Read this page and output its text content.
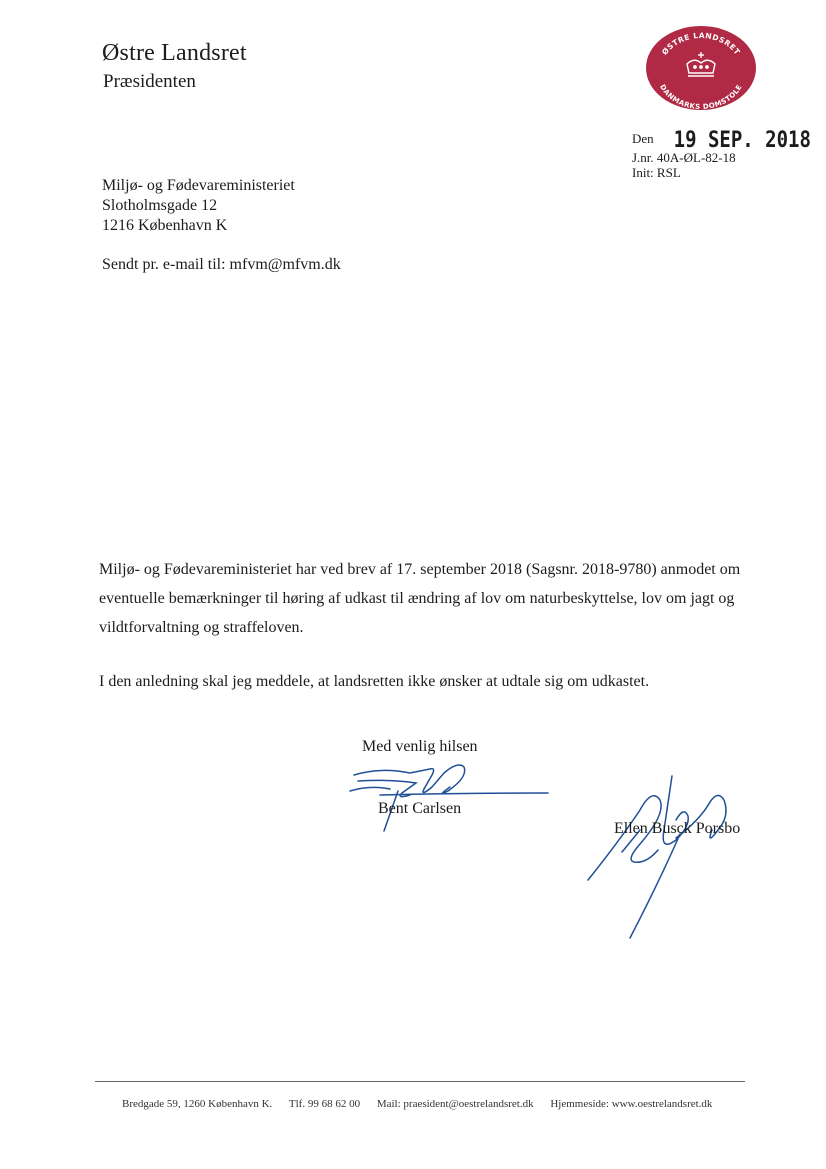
Østre Landsret
Præsidenten
ØSTRE LANDSRET
DANMARKS DOMSTOLE
Den 19 SEP. 2018
J.nr. 40A-ØL-82-18
Init: RSL
Miljø- og Fødevareministeriet
Slotholmsgade 12
1216 København K
Sendt pr. e-mail til: mfvm@mfvm.dk

Miljø- og Fødevareministeriet har ved brev af 17. september 2018 (Sagsnr. 2018-9780) anmodet om eventuelle bemærkninger til høring af udkast til ændring af lov om naturbeskyttelse, lov om jagt og vildtforvaltning og straffeloven.

I den anledning skal jeg meddele, at landsretten ikke ønsker at udtale sig om udkastet.

Med venlig hilsen
Bent Carlsen
Ellen Busck Porsbo
Bredgade 59, 1260 København K. Tlf. 99 68 62 00 Mail: praesident@oestrelandsret.dk Hjemmeside: www.oestrelandsret.dk
